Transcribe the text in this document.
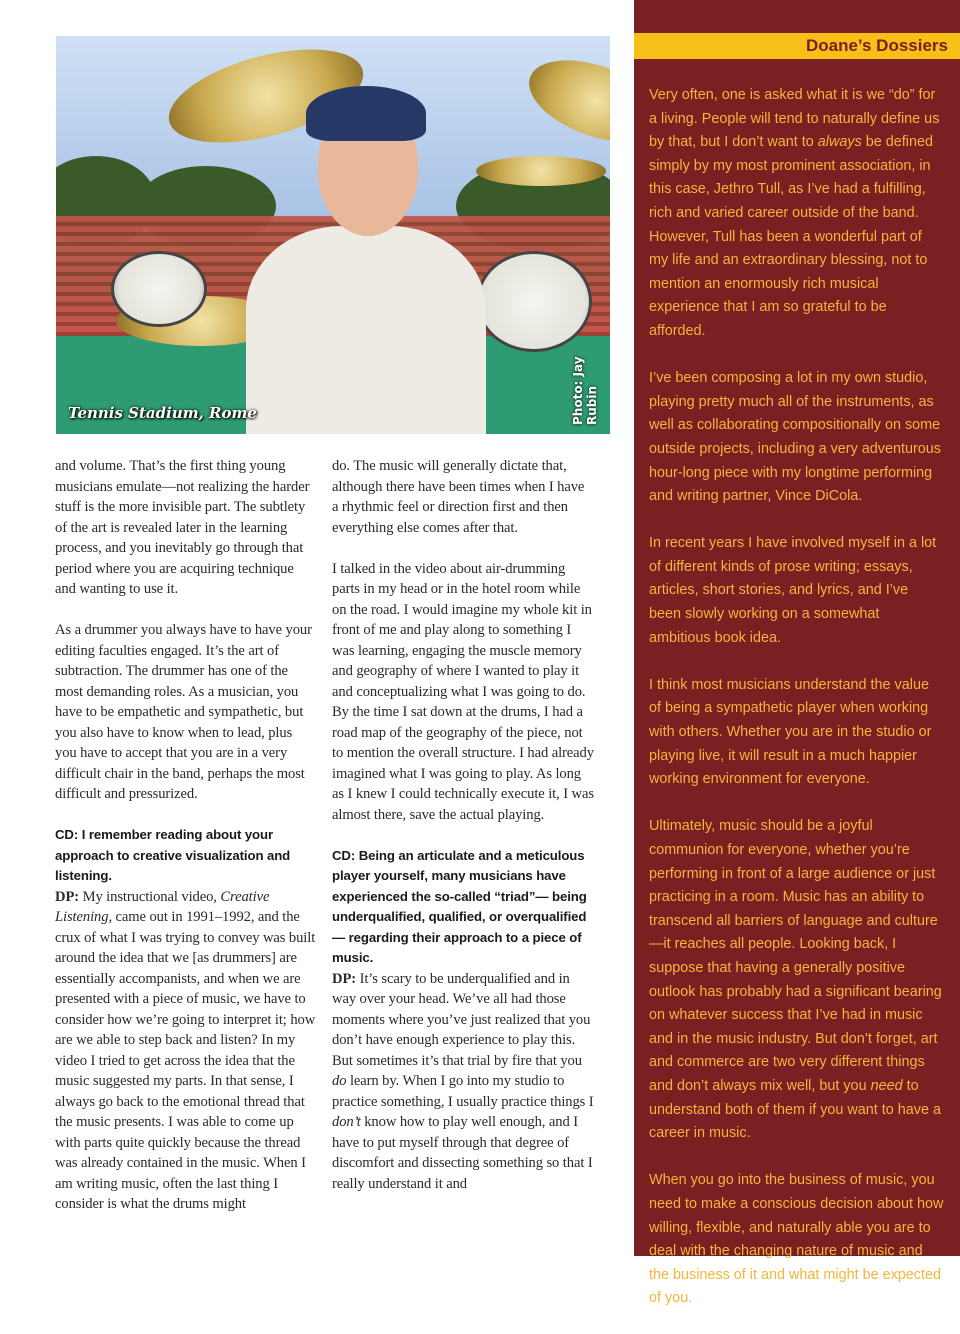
Tennis Stadium, Rome	Photo: Jay Rubin

and volume. That’s the first thing young musicians emulate—not realizing the harder stuff is the more invisible part. The subtlety of the art is revealed later in the learning process, and you inevitably go through that period where you are acquiring technique and wanting to use it.

As a drummer you always have to have your editing faculties engaged. It’s the art of subtraction. The drummer has one of the most demanding roles. As a musician, you have to be empathetic and sympathetic, but you also have to know when to lead, plus you have to accept that you are in a very difficult chair in the band, perhaps the most difficult and pressurized.

CD: I remember reading about your approach to creative visualization and listening.

DP: My instructional video, Creative Listening, came out in 1991–1992, and the crux of what I was trying to convey was built around the idea that we [as drummers] are essentially accompanists, and when we are presented with a piece of music, we have to consider how we’re going to interpret it; how are we able to step back and listen? In my video I tried to get across the idea that the music suggested my parts. In that sense, I always go back to the emotional thread that the music presents. I was able to come up with parts quite quickly because the thread was already contained in the music. When I am writing music, often the last thing I consider is what the drums might

do. The music will generally dictate that, although there have been times when I have a rhythmic feel or direction first and then everything else comes after that.

I talked in the video about air-drumming parts in my head or in the hotel room while on the road. I would imagine my whole kit in front of me and play along to something I was learning, engaging the muscle memory and geography of where I wanted to play it and conceptualizing what I was going to do. By the time I sat down at the drums, I had a road map of the geography of the piece, not to mention the overall structure. I had already imagined what I was going to play. As long as I knew I could technically execute it, I was almost there, save the actual playing.

CD: Being an articulate and a meticulous player yourself, many musicians have experienced the so-called “triad”— being underqualified, qualified, or overqualified— regarding their approach to a piece of music.

DP: It’s scary to be underqualified and in way over your head. We’ve all had those moments where you’ve just realized that you don’t have enough experience to play this. But sometimes it’s that trial by fire that you do learn by. When I go into my studio to practice something, I usually practice things I don’t know how to play well enough, and I have to put myself through that degree of discomfort and dissecting something so that I really understand it and

Doane’s Dossiers

Very often, one is asked what it is we “do” for a living. People will tend to naturally define us by that, but I don’t want to always be defined simply by my most prominent association, in this case, Jethro Tull, as I’ve had a fulfilling, rich and varied career outside of the band. However, Tull has been a wonderful part of my life and an extraordinary blessing, not to mention an enormously rich musical experience that I am so grateful to be afforded.

I’ve been composing a lot in my own studio, playing pretty much all of the instruments, as well as collaborating compositionally on some outside projects, including a very adventurous hour-long piece with my longtime performing and writing partner, Vince DiCola.

In recent years I have involved myself in a lot of different kinds of prose writing; essays, articles, short stories, and lyrics, and I’ve been slowly working on a somewhat ambitious book idea.

I think most musicians understand the value of being a sympathetic player when working with others. Whether you are in the studio or playing live, it will result in a much happier working environment for everyone.

Ultimately, music should be a joyful communion for everyone, whether you’re performing in front of a large audience or just practicing in a room. Music has an ability to transcend all barriers of language and culture—it reaches all people. Looking back, I suppose that having a generally positive outlook has probably had a significant bearing on whatever success that I’ve had in music and in the music industry. But don’t forget, art and commerce are two very different things and don’t always mix well, but you need to understand both of them if you want to have a career in music.

When you go into the business of music, you need to make a conscious decision about how willing, flexible, and naturally able you are to deal with the changing nature of music and the business of it and what might be expected of you.
